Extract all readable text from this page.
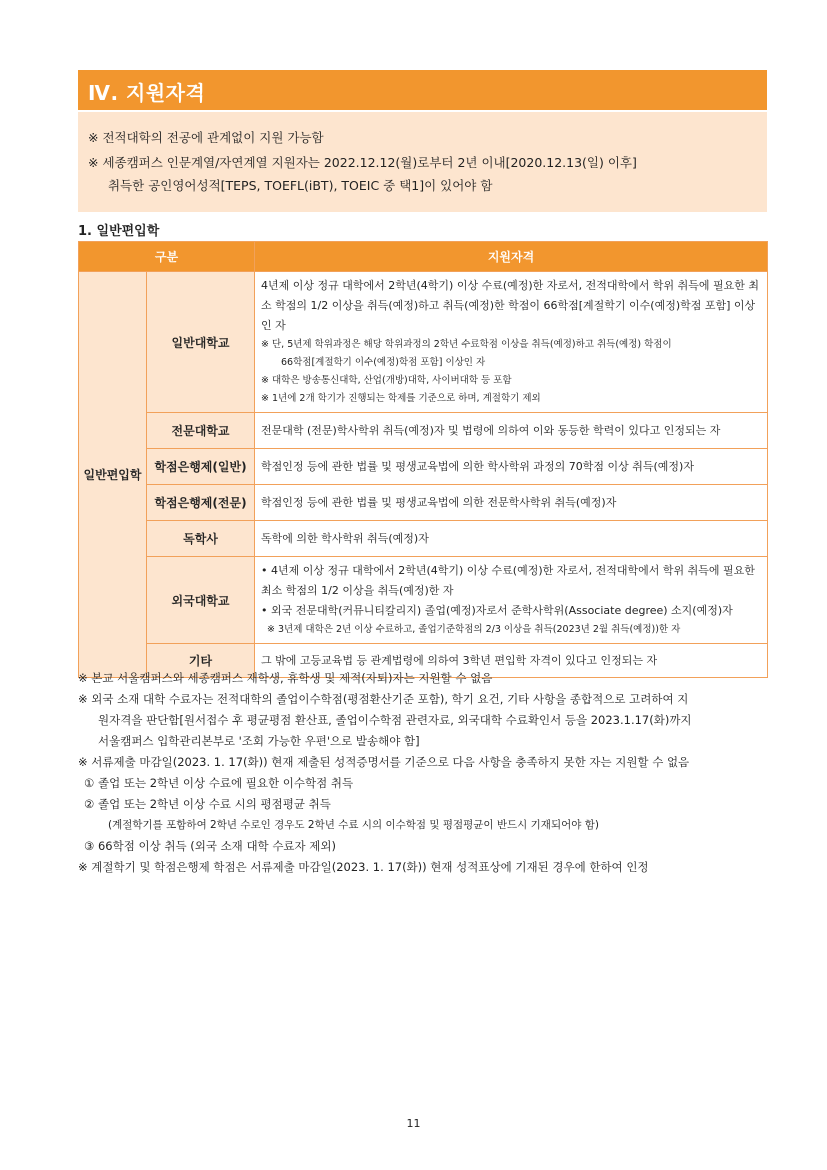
Ⅳ. 지원자격
※ 전적대학의 전공에 관계없이 지원 가능함
※ 세종캠퍼스 인문계열/자연계열 지원자는 2022.12.12(월)로부터 2년 이내[2020.12.13(일) 이후]
취득한 공인영어성적[TEPS, TOEFL(iBT), TOEIC 중 택1]이 있어야 함
1. 일반편입학
구분		지원자격
일반편입학	일반대학교	4년제 이상 정규 대학에서 2학년(4학기) 이상 수료(예정)한 자로서, 전적대학에서 학위 취득에 필요한 최소 학점의 1/2 이상을 취득(예정)하고 취득(예정)한 학점이 66학점[계절학기 이수(예정)학점 포함] 이상인 자
※ 단, 5년제 학위과정은 해당 학위과정의 2학년 수료학점 이상을 취득(예정)하고 취득(예정) 학점이
66학점[계절학기 이수(예정)학점 포함] 이상인 자
※ 대학은 방송통신대학, 산업(개방)대학, 사이버대학 등 포함
※ 1년에 2개 학기가 진행되는 학제를 기준으로 하며, 계절학기 제외

	전문대학교	전문대학 (전문)학사학위 취득(예정)자 및 법령에 의하여 이와 동등한 학력이 있다고 인정되는 자
	학점은행제(일반)	학점인정 등에 관한 법률 및 평생교육법에 의한 학사학위 과정의 70학점 이상 취득(예정)자
	학점은행제(전문)	학점인정 등에 관한 법률 및 평생교육법에 의한 전문학사학위 취득(예정)자
	독학사	독학에 의한 학사학위 취득(예정)자
	외국대학교	• 4년제 이상 정규 대학에서 2학년(4학기) 이상 수료(예정)한 자로서, 전적대학에서 학위 취득에 필요한 최소 학점의 1/2 이상을 취득(예정)한 자
• 외국 전문대학(커뮤니티칼리지) 졸업(예정)자로서 준학사학위(Associate degree) 소지(예정)자
※ 3년제 대학은 2년 이상 수료하고, 졸업기준학점의 2/3 이상을 취득(2023년 2월 취득(예정))한 자

	기타	그 밖에 고등교육법 등 관계법령에 의하여 3학년 편입학 자격이 있다고 인정되는 자
※ 본교 서울캠퍼스와 세종캠퍼스 재학생, 휴학생 및 제적(자퇴)자는 지원할 수 없음
※ 외국 소재 대학 수료자는 전적대학의 졸업이수학점(평점환산기준 포함), 학기 요건, 기타 사항을 종합적으로 고려하여 지
원자격을 판단함[원서접수 후 평균평점 환산표, 졸업이수학점 관련자료, 외국대학 수료확인서 등을 2023.1.17(화)까지
서울캠퍼스 입학관리본부로 '조회 가능한 우편'으로 발송해야 함]
※ 서류제출 마감일(2023. 1. 17(화)) 현재 제출된 성적증명서를 기준으로 다음 사항을 충족하지 못한 자는 지원할 수 없음
① 졸업 또는 2학년 이상 수료에 필요한 이수학점 취득
② 졸업 또는 2학년 이상 수료 시의 평점평균 취득
(계절학기를 포함하여 2학년 수로인 경우도 2학년 수료 시의 이수학점 및 평점평균이 반드시 기재되어야 함)
③ 66학점 이상 취득 (외국 소재 대학 수료자 제외)
※ 계절학기 및 학점은행제 학점은 서류제출 마감일(2023. 1. 17(화)) 현재 성적표상에 기재된 경우에 한하여 인정
11
